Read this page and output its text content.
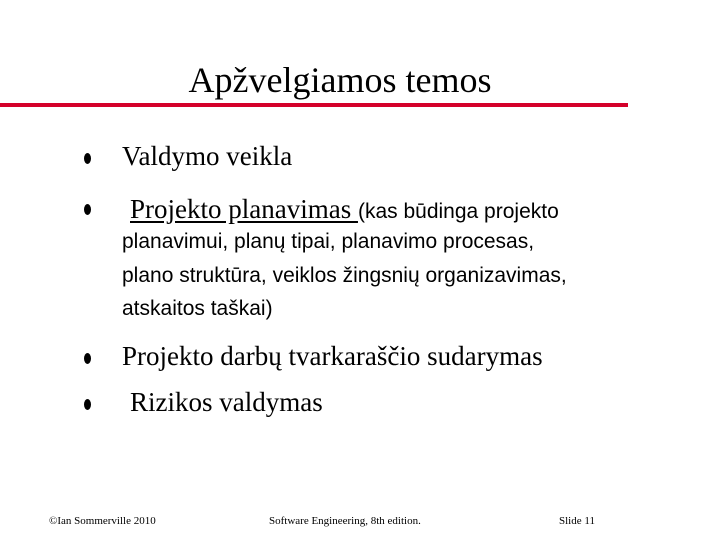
Apžvelgiamos temos
Valdymo veikla
Projekto planavimas (kas būdinga projekto
planavimui, planų tipai, planavimo procesas,
plano struktūra, veiklos žingsnių organizavimas,
atskaitos taškai)
Projekto darbų tvarkaraščio sudarymas
Rizikos valdymas
©Ian Sommerville 2010	Software Engineering, 8th edition.	Slide 11
